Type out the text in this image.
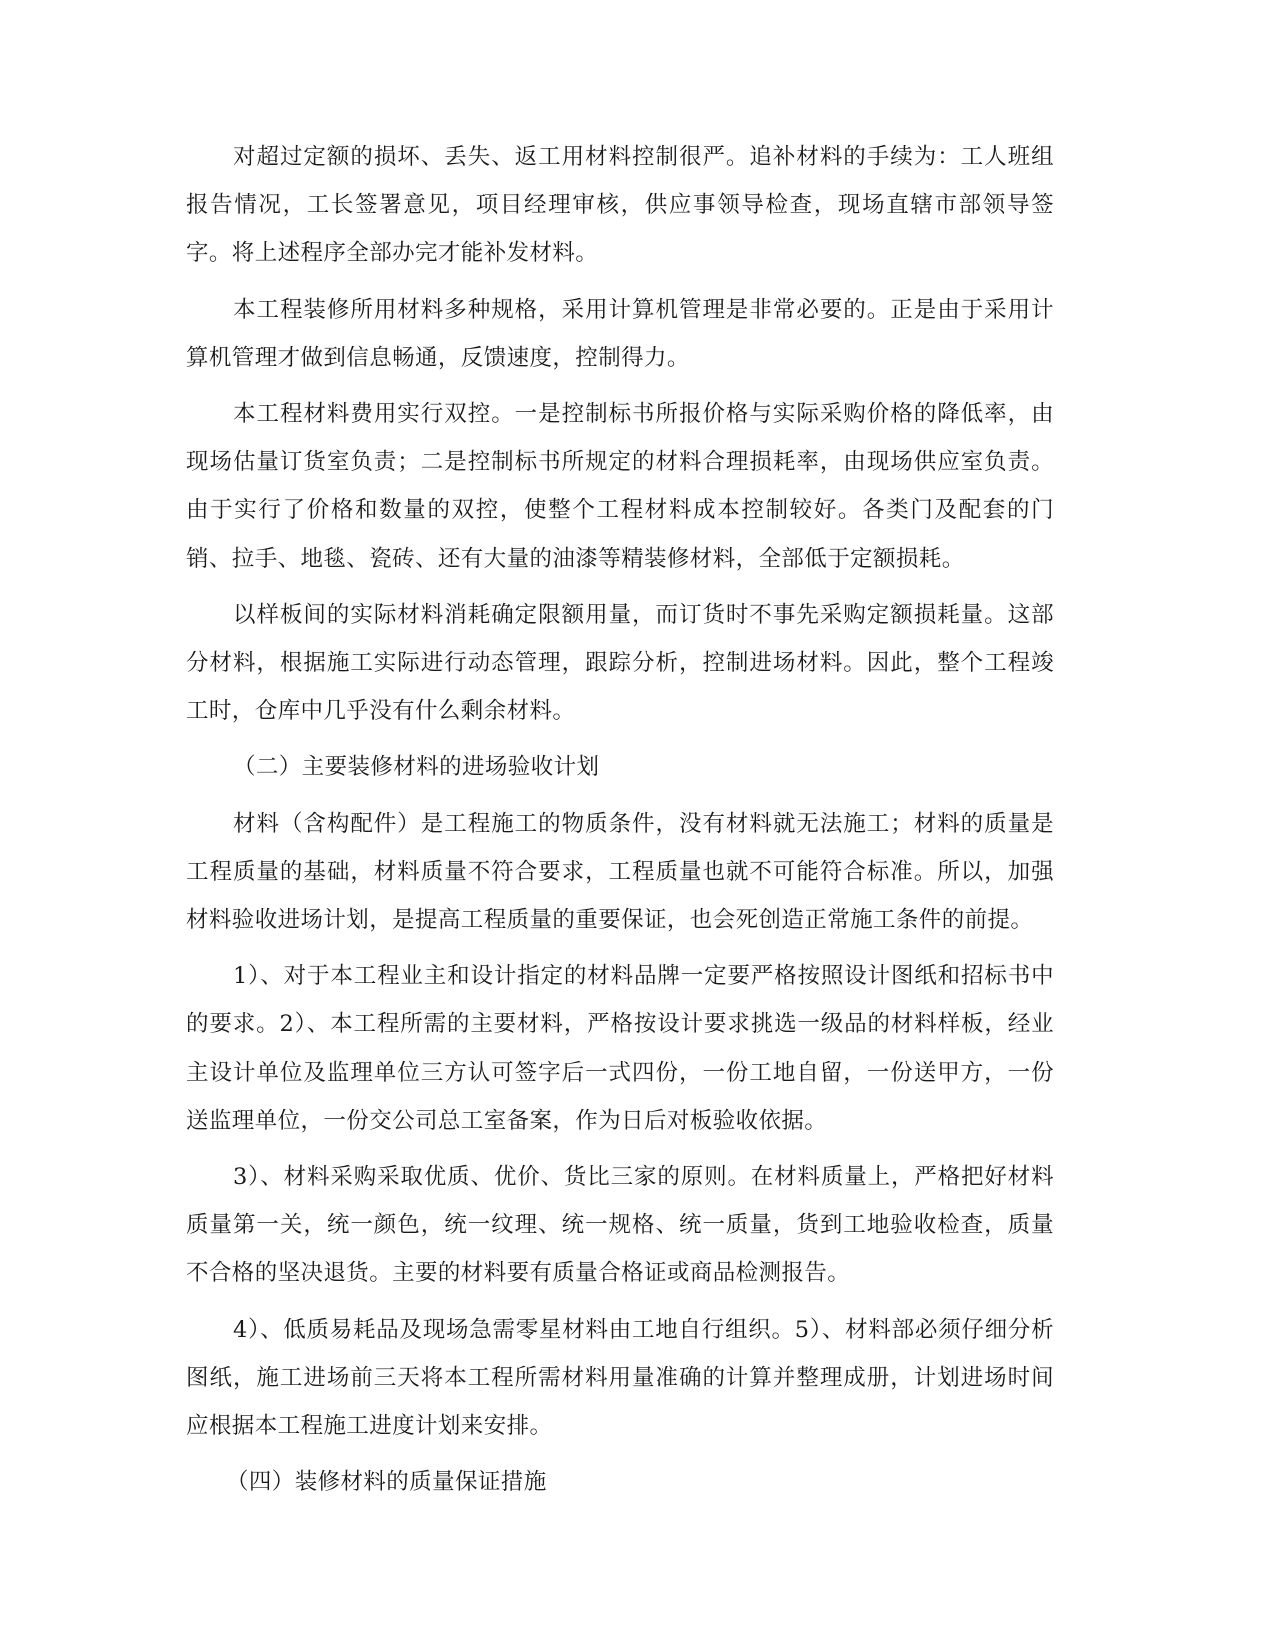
对超过定额的损坏、丢失、返工用材料控制很严。追补材料的手续为：工人班组报告情况，工长签署意见，项目经理审核，供应事领导检查，现场直辖市部领导签字。将上述程序全部办完才能补发材料。

本工程装修所用材料多种规格，采用计算机管理是非常必要的。正是由于采用计算机管理才做到信息畅通，反馈速度，控制得力。

本工程材料费用实行双控。一是控制标书所报价格与实际采购价格的降低率，由现场估量订货室负责；二是控制标书所规定的材料合理损耗率，由现场供应室负责。由于实行了价格和数量的双控，使整个工程材料成本控制较好。各类门及配套的门销、拉手、地毯、瓷砖、还有大量的油漆等精装修材料，全部低于定额损耗。

以样板间的实际材料消耗确定限额用量，而订货时不事先采购定额损耗量。这部分材料，根据施工实际进行动态管理，跟踪分析，控制进场材料。因此，整个工程竣工时，仓库中几乎没有什么剩余材料。

（二）主要装修材料的进场验收计划

材料（含构配件）是工程施工的物质条件，没有材料就无法施工；材料的质量是工程质量的基础，材料质量不符合要求，工程质量也就不可能符合标准。所以，加强材料验收进场计划，是提高工程质量的重要保证，也会死创造正常施工条件的前提。

1）、对于本工程业主和设计指定的材料品牌一定要严格按照设计图纸和招标书中的要求。2）、本工程所需的主要材料，严格按设计要求挑选一级品的材料样板，经业主设计单位及监理单位三方认可签字后一式四份，一份工地自留，一份送甲方，一份送监理单位，一份交公司总工室备案，作为日后对板验收依据。

3）、材料采购采取优质、优价、货比三家的原则。在材料质量上，严格把好材料质量第一关，统一颜色，统一纹理、统一规格、统一质量，货到工地验收检查，质量不合格的坚决退货。主要的材料要有质量合格证或商品检测报告。

4）、低质易耗品及现场急需零星材料由工地自行组织。5）、材料部必须仔细分析图纸，施工进场前三天将本工程所需材料用量准确的计算并整理成册，计划进场时间应根据本工程施工进度计划来安排。

（四）装修材料的质量保证措施
